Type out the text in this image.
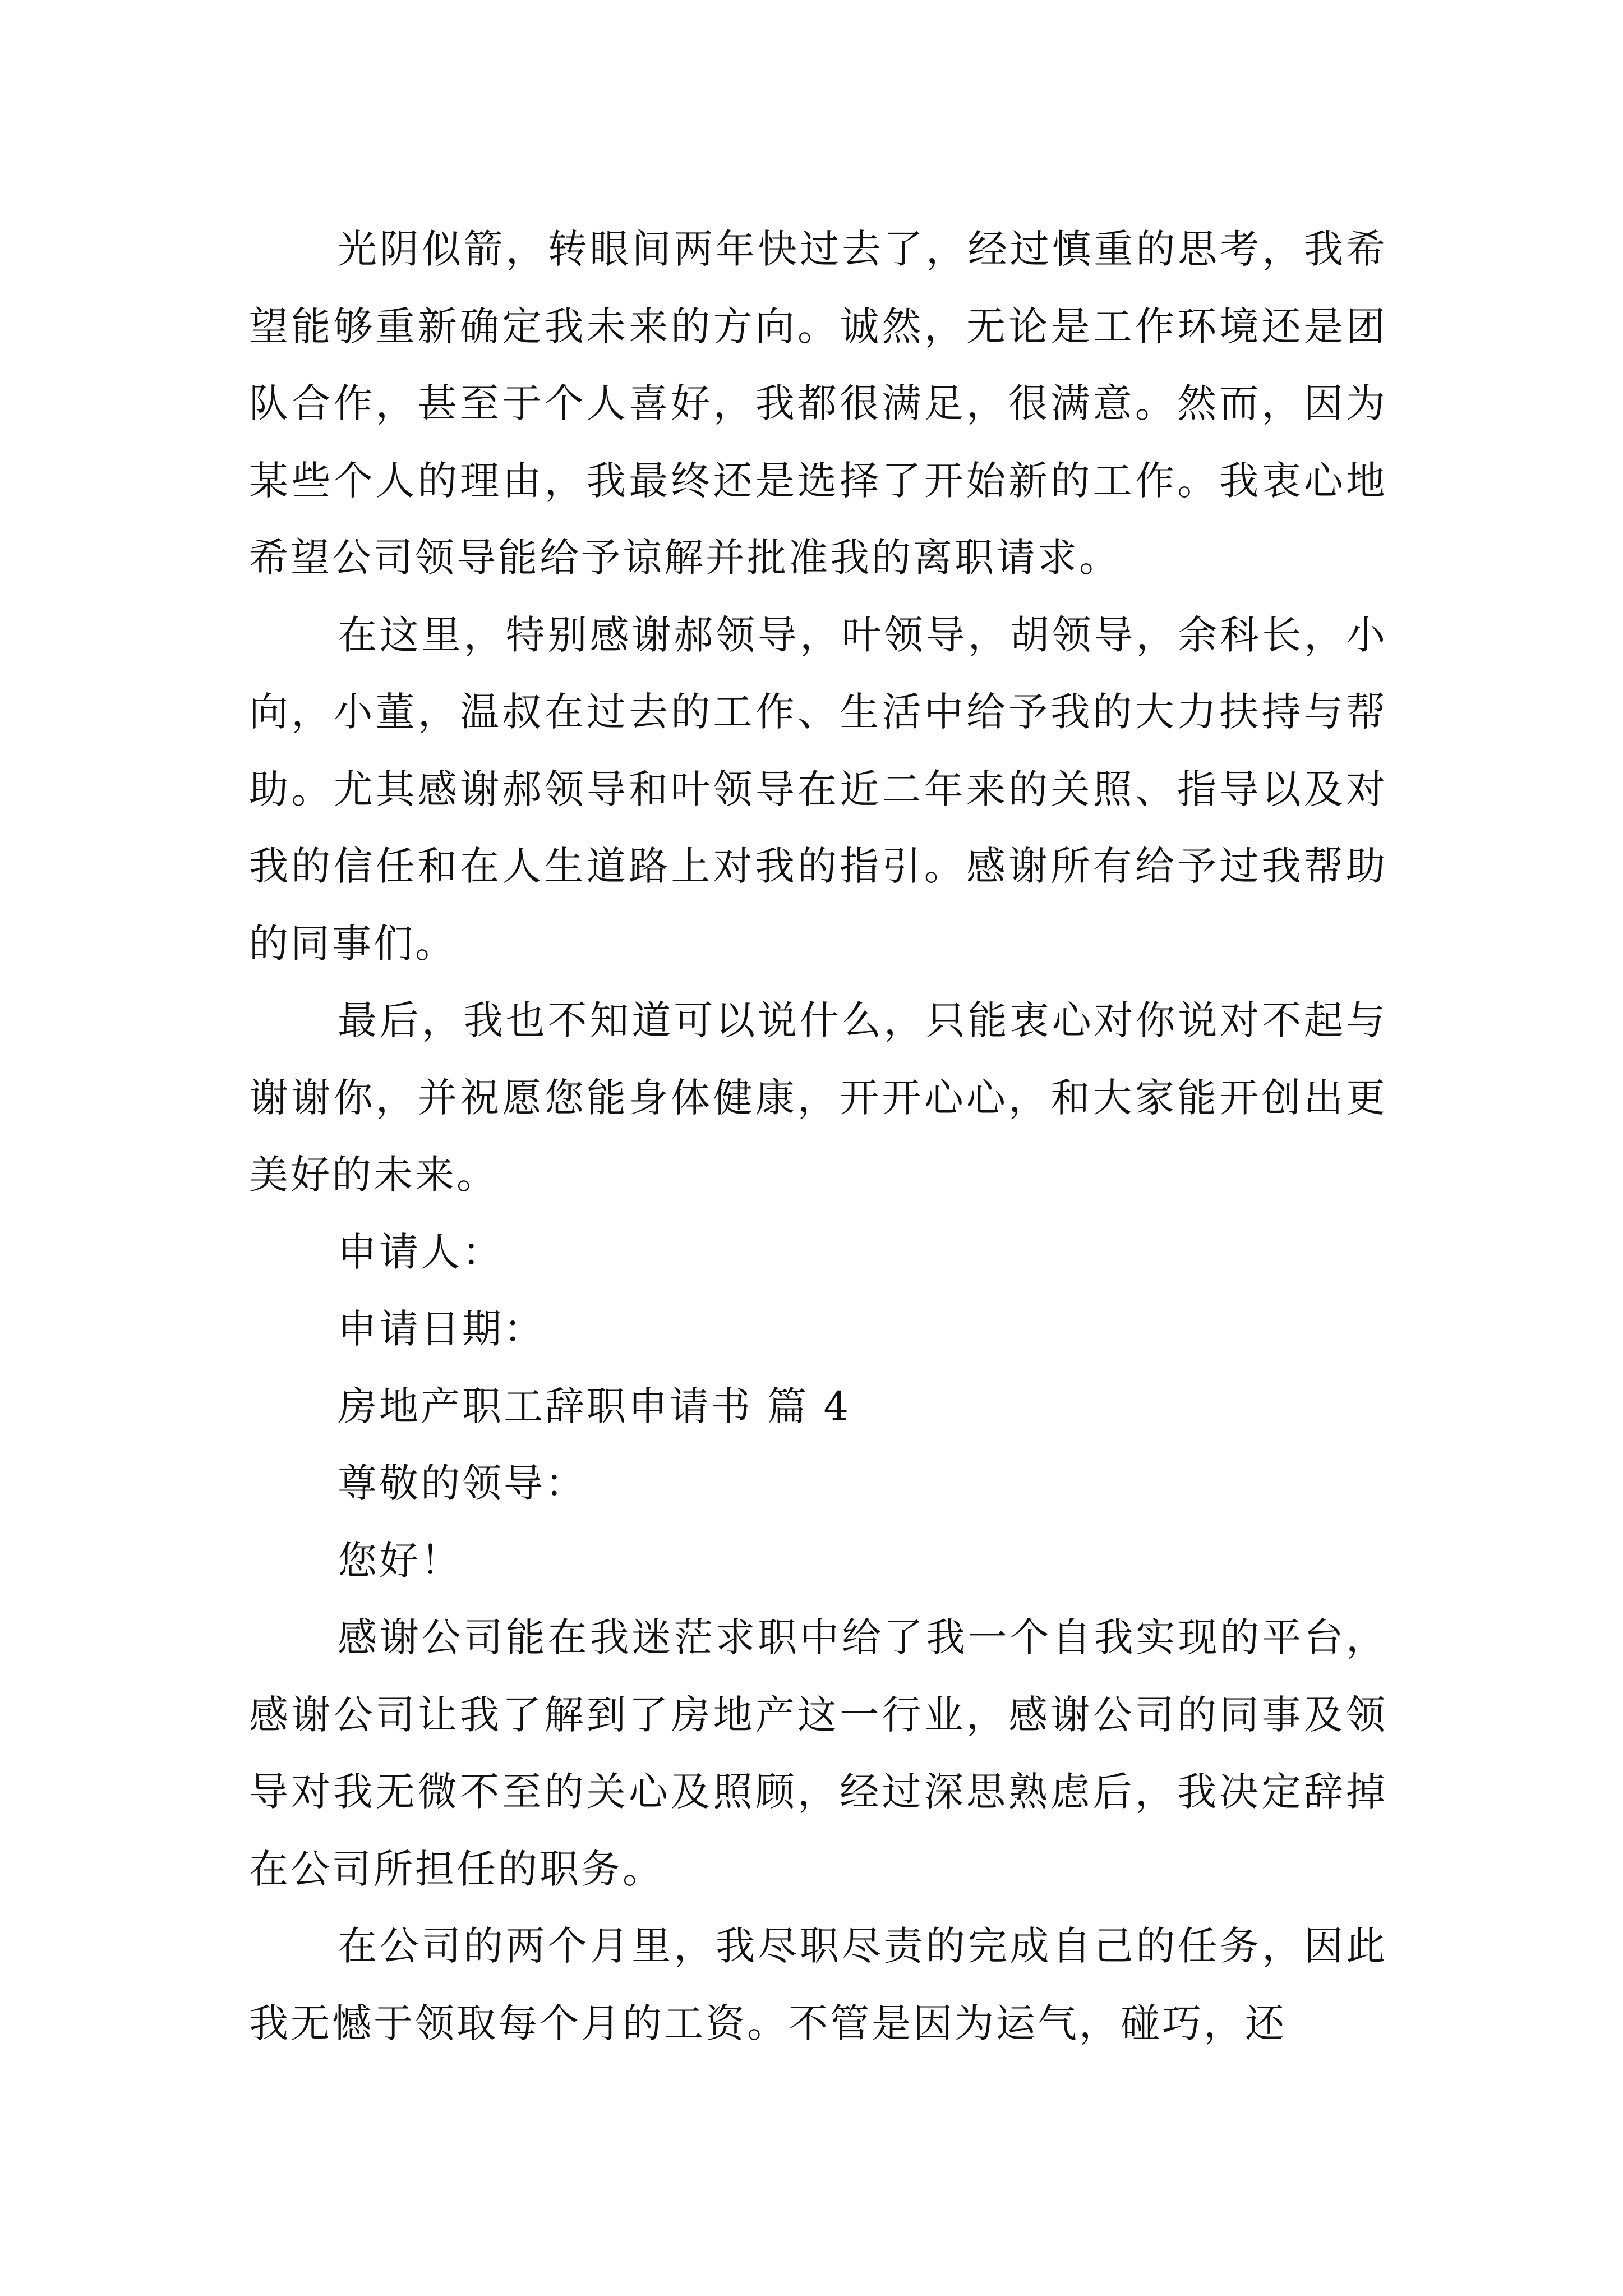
光阴似箭，转眼间两年快过去了，经过慎重的思考，我希望能够重新确定我未来的方向。诚然，无论是工作环境还是团队合作，甚至于个人喜好，我都很满足，很满意。然而，因为某些个人的理由，我最终还是选择了开始新的工作。我衷心地希望公司领导能给予谅解并批准我的离职请求。

在这里，特别感谢郝领导，叶领导，胡领导，余科长，小向，小董，温叔在过去的工作、生活中给予我的大力扶持与帮助。尤其感谢郝领导和叶领导在近二年来的关照、指导以及对我的信任和在人生道路上对我的指引。感谢所有给予过我帮助的同事们。

最后，我也不知道可以说什么，只能衷心对你说对不起与谢谢你，并祝愿您能身体健康，开开心心，和大家能开创出更美好的未来。

申请人：

申请日期：

房地产职工辞职申请书 篇 4

尊敬的领导：

您好！

感谢公司能在我迷茫求职中给了我一个自我实现的平台，感谢公司让我了解到了房地产这一行业，感谢公司的同事及领导对我无微不至的关心及照顾，经过深思熟虑后，我决定辞掉在公司所担任的职务。

在公司的两个月里，我尽职尽责的完成自己的任务，因此我无憾于领取每个月的工资。不管是因为运气，碰巧，还
